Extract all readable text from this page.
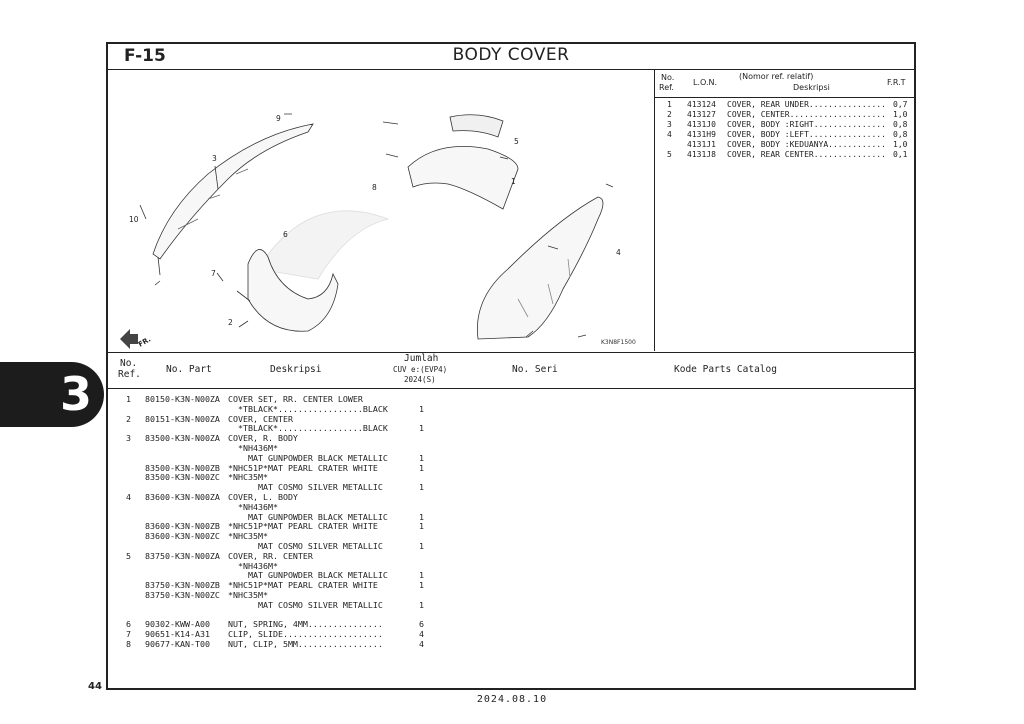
3
F-15	BODY COVER
FR.
1
2
3
4
5
6
7
8
9
10
K3N8F1500
No.
Ref.
L.O.N.
(Nomor ref. relatif)
Deskripsi
F.R.T
1 413124 COVER, REAR UNDER................ 0,7
2 413127 COVER, CENTER.................... 1,0
3 4131J0 COVER, BODY :RIGHT............... 0,8
4 4131H9 COVER, BODY :LEFT................ 0,8
4131J1 COVER, BODY :KEDUANYA............ 1,0
5 4131J8 COVER, REAR CENTER............... 0,1
No.
Ref.	No. Part	Deskripsi
Jumlah
CUV e:(EVP4)
2024(S)
No. Seri	Kode Parts Catalog
1 80150-K3N-N00ZA COVER SET, RR. CENTER LOWER
*TBLACK*.................BLACK	1
2 80151-K3N-N00ZA COVER, CENTER
*TBLACK*.................BLACK	1
3 83500-K3N-N00ZA COVER, R. BODY
*NH436M*
MAT GUNPOWDER BLACK METALLIC	1
83500-K3N-N00ZB *NHC51P*MAT PEARL CRATER WHITE	1
83500-K3N-N00ZC *NHC35M*
MAT COSMO SILVER METALLIC	1
4 83600-K3N-N00ZA COVER, L. BODY
*NH436M*
MAT GUNPOWDER BLACK METALLIC	1
83600-K3N-N00ZB *NHC51P*MAT PEARL CRATER WHITE	1
83600-K3N-N00ZC *NHC35M*
MAT COSMO SILVER METALLIC	1
5 83750-K3N-N00ZA COVER, RR. CENTER
*NH436M*
MAT GUNPOWDER BLACK METALLIC	1
83750-K3N-N00ZB *NHC51P*MAT PEARL CRATER WHITE	1
83750-K3N-N00ZC *NHC35M*
MAT COSMO SILVER METALLIC	1
6 90302-KWW-A00 NUT, SPRING, 4MM...............	6
7 90651-K14-A31 CLIP, SLIDE....................	4
8 90677-KAN-T00 NUT, CLIP, 5MM.................	4
44
2024.08.10
